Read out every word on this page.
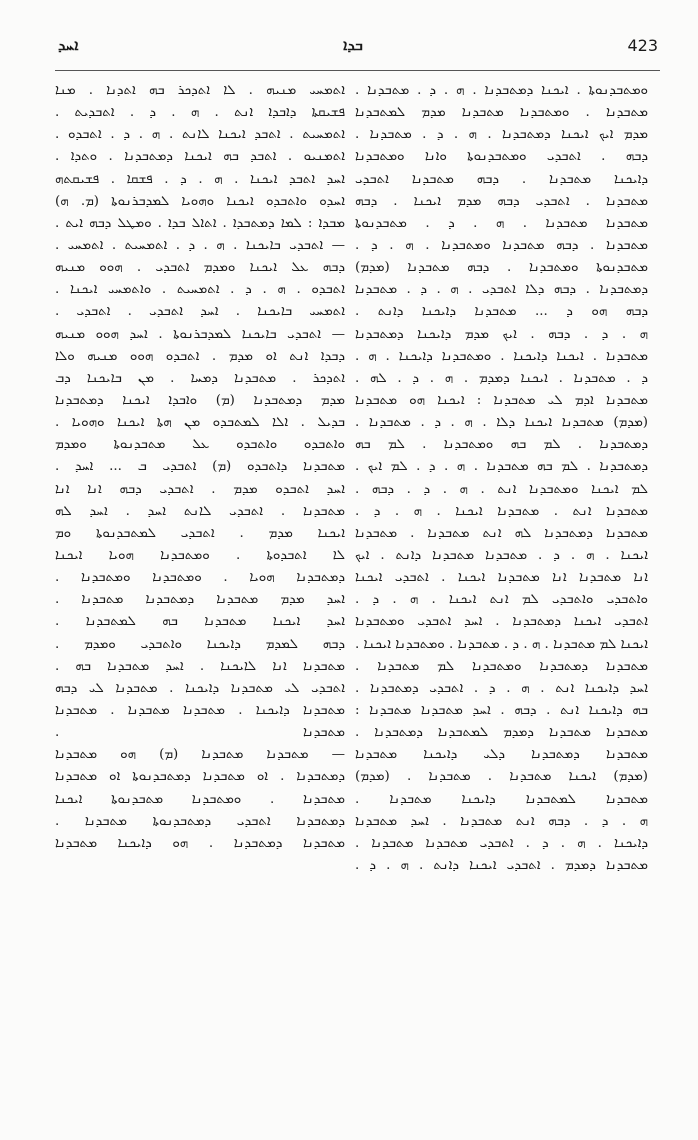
ܐܚܕ	ܒܕܐ	423
ܘܡܬܒܕܢܘܬܐ . ܐܝܟܢܐ ܕܡܬܒܕܢܐ . ܗ . ܕ . ܡܬܒܕܢܐ .
ܡܬܒܕܢܐ . ܘܡܬܒܕܢܐ ܡܬܒܕܢܐ ܡܕܡ ܠܡܬܒܕܢܐ
ܡܕܡ ܐܝܟ ܐܝܟܢܐ ܕܡܬܒܕܢܐ . ܗ . ܕ . ܡܬܒܕܢܐ .
ܕܒܗ . ܐܬܒܕܝ ܘܡܬܒܕܢܘܬܐ ܘܐܢܐ ܘܡܬܒܕܢܐ
ܕܐܝܟܢܐ ܡܬܒܕܢܐ . ܕܒܗ ܡܬܒܕܢܐ ܐܬܒܕܝ
ܡܬܒܕܢܐ . ܐܬܒܕܝ ܕܒܗ ܡܕܡ ܐܝܟܢܐ . ܕܒܗ
ܡܬܒܕܢܐ ܡܬܒܕܢܐ . ܗ . ܕ . ܡܬܒܕܢܘܬܐ
ܡܬܒܕܢܐ . ܕܒܗ ܡܬܒܕܢܐ ܘܡܬܒܕܢܐ . ܗ . ܕ .
ܡܬܒܕܢܘܬܐ ܘܡܬܒܕܢܐ . ܕܒܗ ܡܬܒܕܢܐ (ܡܕܡ)
ܕܡܬܒܕܢܐ . ܕܒܗ ܕܠܐ ܐܬܒܕܝ . ܗ . ܕ . ܡܬܒܕܢܐ
ܕܒܗ ܗܘ ܕ ... ܡܬܒܕܢܐ ܕܐܝܟܢܐ ܕܐܢܬ .
ܗ . ܕ . ܕܒܗ . ܐܝܟ ܡܕܡ ܕܐܝܟܢܐ ܕܡܬܒܕܢܐ
ܡܬܒܕܢܐ . ܐܝܟܢܐ ܕܐܝܟܢܐ . ܘܡܬܒܕܢܐ ܕܐܝܟܢܐ . ܗ .
ܕ . ܡܬܒܕܢܐ . ܐܝܟܢܐ ܕܡܕܡ . ܗ . ܕ . ܠܗ .
ܡܬܒܕܢܐ ܐܕܡ ܠܝ ܡܬܒܕܢܐ : ܐܝܟܢܐ ܗܘ ܡܬܒܕܢܐ
(ܡܕܡ) ܡܬܒܕܢܐ ܐܝܟܢܐ ܕܠܐ . ܗ . ܕ . ܡܬܒܕܢܐ .
ܕܡܬܒܕܢܐ . ܠܡ ܒܗ ܘܡܬܒܕܢܐ . ܠܡ ܒܗ
ܕܡܬܒܕܢܐ . ܠܡ ܒܗ ܡܬܒܕܢܐ . ܗ . ܕ . ܠܡ ܐܝܟ .
ܠܡ ܐܝܟܢܐ ܘܡܬܒܕܢܐ ܐܢܬ . ܗ . ܕ . ܕܒܗ .
ܡܬܒܕܢܐ ܐܢܬ . ܡܬܒܕܢܐ ܐܝܟܢܐ . ܗ . ܕ .
ܡܬܒܕܢܐ ܕܡܬܒܕܢܐ ܠܗ ܐܢܬ ܡܬܒܕܢܐ . ܡܬܒܕܢܐ
ܐܝܟܢܐ . ܗ . ܕ . ܡܬܒܕܢܐ ܡܬܒܕܢܐ ܕܐܢܬ . ܐܝܟ
ܐܢܐ ܡܬܒܕܢܐ ܐܢܐ ܡܬܒܕܢܐ ܐܝܟܢܐ . ܐܬܒܕܝ ܐܝܟܢܐ
ܘܐܬܒܕܝ ܘܐܬܒܕܝ ܠܡ ܐܢܬ ܐܝܟܢܐ . ܗ . ܕ .
ܐܬܒܕܝ ܐܝܟܢܐ ܕܡܬܒܕܢܐ . ܐܚܕ ܐܬܒܕܝ ܘܡܬܒܕܢܐ
ܐܝܟܢܐ ܠܡ ܡܬܒܕܢܐ . ܗ . ܕ . ܡܬܒܕܢܐ . ܘܡܬܒܕܢܐ ܐܝܟܢܐ .
ܡܬܒܕܢܐ ܕܡܬܒܕܢܐ ܘܡܬܒܕܢܐ ܠܡ ܡܬܒܕܢܐ .
ܐܚܕ ܕܐܝܟܢܐ ܐܢܬ . ܗ . ܕ . ܐܬܒܕܝ ܕܡܬܒܕܢܐ .
ܒܗ ܕܐܝܟܢܐ ܐܢܬ . ܕܒܗ . ܐܚܕ ܡܬܒܕܢܐ ܡܬܒܕܢܐ :
ܡܬܒܕܢܐ ܡܬܒܕܢܐ ܕܡܕܡ ܠܡܬܒܕܢܐ ܕܡܬܒܕܢܐ .
ܡܬܒܕܢܐ ܕܡܬܒܕܢܐ ܕܠܝ ܕܐܝܟܢܐ ܡܬܒܕܢܐ
(ܡܕܡ) ܐܝܟܢܐ ܡܬܒܕܢܐ . ܡܬܒܕܢܐ . (ܡܕܡ)
ܡܬܒܕܢܐ ܠܡܬܒܕܢܐ ܕܐܝܟܢܐ ܡܬܒܕܢܐ .
ܗ . ܕ . ܕܒܗ ܐܢܬ ܡܬܒܕܢܐ . ܐܚܕ ܡܬܒܕܢܐ
ܕܐܝܟܢܐ . ܗ . ܕ . ܐܬܒܕܝ ܡܬܒܕܢܐ ܡܬܒܕܢܐ .
ܡܬܒܕܢܐ ܕܡܕܡ . ܐܬܒܕܝ ܐܝܟܢܐ ܕܐܢܬ . ܗ . ܕ .
ܐܬܡܚܝ ܡܢܝܗ . ܠܐ ܐܬܕܟܪ ܒܗ ܐܬܕܢܐ . ܡܢܐ
ܦܫܝܩܬܐ ܕܐܒܕܐ ܐܢܬ . ܗ . ܕ . ܐܬܒܕܝܬ .
ܐܬܡܚܝܬ . ܐܬܒܕ ܐܝܟܢܐ ܠܐܢܬ . ܗ . ܕ . ܐܬܒܕܘ .
ܐܬܡܢܝܘ . ܐܬܒܕ ܒܗ ܐܝܟܢܐ ܕܡܬܒܕܢܐ . ܘܬܕܐ .
ܐܚܕ ܐܬܒܕ ܐܝܟܢܐ . ܗ . ܕ . ܦܫܩܐ . ܦܫܝܩܬܗ
ܐܚܕܘ ܘܐܬܒܕܘ ܐܝܟܢܐ ܘܗܘܝܐ ܠܡܕܒܪܢܘܬܐ (ܡ. ܗ)
ܡܒܕܐ : ܠܡܐ ܕܡܬܒܕܐ . ܐܬܐܠ ܒܕܐ . ܘܡܛܠ ܕܒܗ ܐܝܬ .
— ܐܬܒܕܝ ܒܐܝܟܢܐ . ܗ . ܕ . ܐܬܡܚܝܬ . ܐܬܡܚܝ .
ܕܒܗ ܥܠ ܐܝܟܢܐ ܘܡܕܡ ܐܬܒܕܝ . ܗܘܘ ܡܢܝܗ
ܐܬܒܕܘ . ܗ . ܕ . ܐܬܡܚܝܬ . ܘܐܬܡܚܝ ܐܝܟܢܐ .
ܐܬܡܚܝ ܒܐܝܟܢܐ . ܐܚܕ ܐܬܒܕܝ . ܐܬܒܕܝ .
— ܐܬܒܕܝ ܒܐܝܟܢܐ ܠܡܕܒܪܢܘܬܐ . ܐܚܕ ܗܘܘ ܡܢܝܗ
ܕܒܕܐ ܐܢܬ ܐܘ ܡܕܡ . ܐܬܒܕܘ ܗܘܘ ܡܢܝܗ ܘܠܐ
ܐܬܕܟܪ . ܡܬܒܕܢܐ ܕܡܚܐ . ܡܢ ܒܐܝܟܢܐ ܕܒ
ܡܕܡ ܕܡܬܒܕܢܐ (ܡ) ܘܐܒܕܐ ܐܝܟܢܐ ܕܡܬܒܕܢܐ
ܒܕܝܠ . ܐܠܐ ܠܡܬܒܕܘ ܡܢ ܗܬܐ ܐܝܟܢܐ ܘܗܘܝܐ .
ܘܐܬܒܕܘ ܘܐܬܒܕܘ ܥܠ ܡܬܒܕܢܘܬܐ ܘܡܕܡ
ܡܬܒܕܢܐ ܕܐܬܒܕܘ (ܡ) ܐܬܒܕܝ ܒ ... ܐܚܕ .
ܐܚܕ ܐܬܒܕܘ ܡܕܡ . ܐܬܒܕܝ ܕܒܗ ܐܢܐ ܐܢܐ
ܡܬܒܕܢܐ . ܐܬܒܕܝ ܠܐܢܬ ܐܚܕ . ܐܚܕ ܠܗ
ܐܝܟܢܐ ܡܕܡ . ܐܬܒܕܝ ܠܡܬܒܕܢܘܬܐ ܘܡ
ܠܐ ܐܬܒܕܘܬܐ . ܘܡܬܒܕܢܐ ܗܘܝܐ ܐܝܟܢܐ
ܕܡܬܒܕܢܐ ܗܘܝܐ . ܘܡܬܒܕܢܐ ܘܡܬܒܕܢܐ .
ܐܚܕ ܡܕܡ ܡܬܒܕܢܐ ܕܡܬܒܕܢܐ ܡܬܒܕܢܐ .
ܐܚܕ ܐܝܟܢܐ ܡܬܒܕܢܐ ܒܗ ܠܡܬܒܕܢܐ .
ܕܒܗ ܠܡܕܡ ܕܐܝܟܢܐ ܘܐܬܒܕܝ ܘܡܕܡ .
ܡܬܒܕܢܐ ܐܢܐ ܠܐܝܟܢܐ . ܐܚܕ ܡܬܒܕܢܐ ܒܗ .
ܐܬܒܕܝ ܠܝ ܡܬܒܕܢܐ ܕܐܝܟܢܐ . ܡܬܒܕܢܐ ܠܝ ܕܒܗ
ܡܬܒܕܢܐ ܕܐܝܟܢܐ . ܡܬܒܕܢܐ ܡܬܒܕܢܐ . ܡܬܒܕܢܐ
ܡܬܒܕܢܐ .
— ܡܬܒܕܢܐ ܡܬܒܕܢܐ (ܡ) ܗܘ ܡܬܒܕܢܐ
ܕܡܬܒܕܢܐ . ܐܘ ܡܬܒܕܢܐ ܕܡܬܒܕܢܘܬܐ ܐܘ ܡܬܒܕܢܐ
ܡܬܒܕܢܐ . ܘܡܬܒܕܢܐ ܡܬܒܕܢܘܬܐ ܐܝܟܢܐ
ܕܡܬܒܕܢܐ ܐܬܒܕܝ ܕܡܬܒܕܢܘܬܐ ܡܬܒܕܢܐ .
ܡܬܒܕܢܐ ܕܡܬܒܕܢܐ . ܗܘ ܕܐܝܟܢܐ ܡܬܒܕܢܐ
